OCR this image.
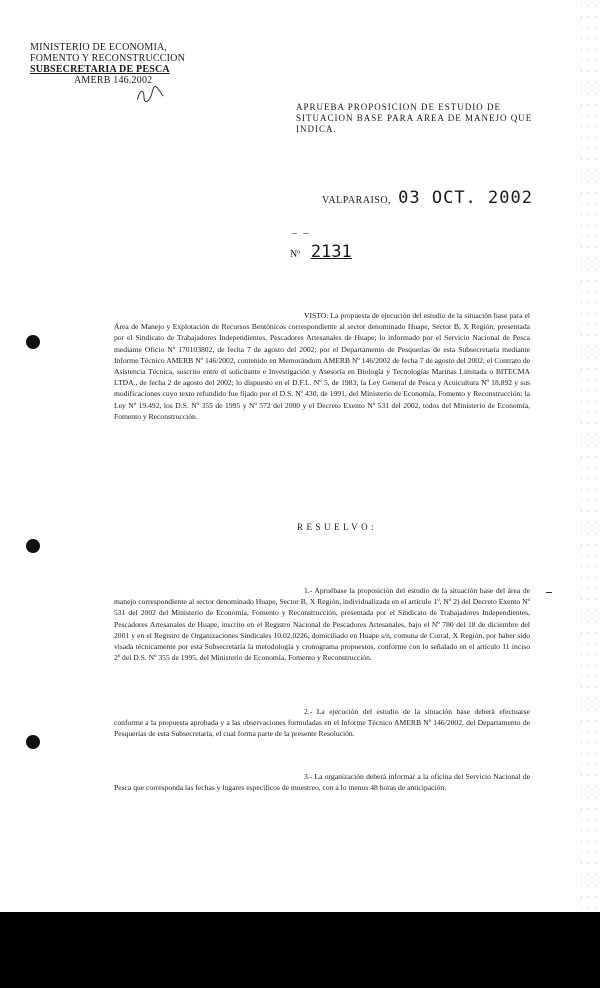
MINISTERIO DE ECONOMIA,
FOMENTO Y RECONSTRUCCION
SUBSECRETARIA DE PESCA
AMERB 146.2002
APRUEBA PROPOSICION DE ESTUDIO DE SITUACION BASE PARA AREA DE MANEJO QUE INDICA.
VALPARAISO, 03 OCT. 2002
– –
Nº 2131
VISTO: La propuesta de ejecución del estudio de la situación base para el Área de Manejo y Explotación de Recursos Bentónicos correspondiente al sector denominado Huape, Sector B, X Región, presentada por el Sindicato de Trabajadores Independientes, Pescadores Artesanales de Huape; lo informado por el Servicio Nacional de Pesca mediante Oficio Nº 170103802, de fecha 7 de agosto del 2002; por el Departamento de Pesquerías de esta Subsecretaría mediante Informe Técnico AMERB Nº 146/2002, contenido en Memorándum AMERB Nº 146/2002 de fecha 7 de agosto del 2002; el Contrato de Asistencia Técnica, suscrito entre el solicitante e Investigación y Asesoría en Biología y Tecnologías Marinas Limitada o BITECMA LTDA., de fecha 2 de agosto del 2002; lo dispuesto en el D.F.L. Nº 5, de 1983; la Ley General de Pesca y Acuicultura Nº 18.892 y sus modificaciones cuyo texto refundido fue fijado por el D.S. Nº 430, de 1991, del Ministerio de Economía, Fomento y Reconstrucción; la Ley Nº 19.492, los D.S. Nº 355 de 1995 y Nº 572 del 2000 y el Decreto Exento Nº 531 del 2002, todos del Ministerio de Economía, Fomento y Reconstrucción.
RESUELVO:
1.- Apruébase la proposición del estudio de la situación base del área de manejo correspondiente al sector denominado Huape, Sector B, X Región, individualizada en el artículo 1º, Nº 2) del Decreto Exento Nº 531 del 2002 del Ministerio de Economía, Fomento y Reconstrucción, presentada por el Sindicato de Trabajadores Independientes, Pescadores Artesanales de Huape, inscrito en el Registro Nacional de Pescadores Artesanales, bajo el Nº 780 del 18 de diciembre del 2001 y en el Registro de Organizaciones Sindicales 10.02.0226, domiciliado en Huape s/n, comuna de Corral, X Región, por haber sido visada técnicamente por esta Subsecretaría la metodología y cronograma propuestos, conforme con lo señalado en el artículo 11 inciso 2º del D.S. Nº 355 de 1995, del Ministerio de Economía, Fomento y Reconstrucción.
2.- La ejecución del estudio de la situación base deberá efectuarse conforme a la propuesta aprobada y a las observaciones formuladas en el Informe Técnico AMERB Nº 146/2002, del Departamento de Pesquerías de esta Subsecretaría, el cual forma parte de la presente Resolución.
3.- La organización deberá informar a la oficina del Servicio Nacional de Pesca que corresponda las fechas y lugares específicos de muestreo, con a lo menos 48 horas de anticipación.
